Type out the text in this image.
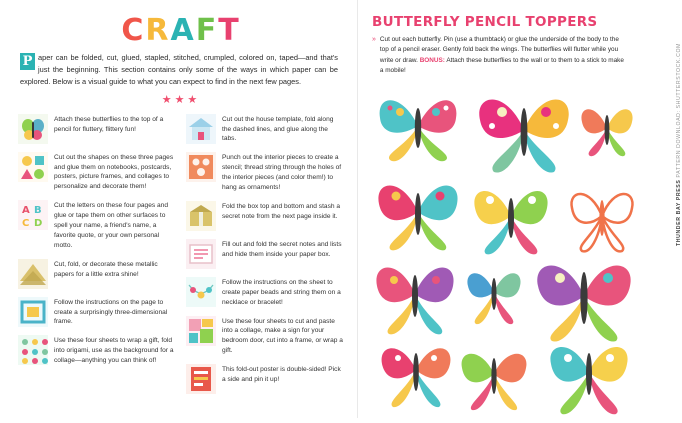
CRAFT
P aper can be folded, cut, glued, stapled, stitched, crumpled, colored on, taped—and that's just the beginning. This section contains only some of the ways in which paper can be explored. Below is a visual guide to what you can expect to find in the next few pages.
★★★
Attach these butterflies to the top of a pencil for fluttery, flittery fun!
Cut out the shapes on these three pages and glue them on notebooks, postcards, posters, picture frames, and collages to personalize and decorate them!
A B
C D
Cut the letters on these four pages and glue or tape them on other surfaces to spell your name, a friend's name, a favorite quote, or your own personal motto.
Cut, fold, or decorate these metallic papers for a little extra shine!
Follow the instructions on the page to create a surprisingly three-dimensional frame.
Use these four sheets to wrap a gift, fold into origami, use as the background for a collage—anything you can think of!
Cut out the house template, fold along the dashed lines, and glue along the tabs.
Punch out the interior pieces to create a stencil; thread string through the holes of the interior pieces (and color them!) to hang as ornaments!
Fold the box top and bottom and stash a secret note from the next page inside it.
Fill out and fold the secret notes and lists and hide them inside your paper box.
Follow the instructions on the sheet to create paper beads and string them on a necklace or bracelet!
Use these four sheets to cut and paste into a collage, make a sign for your bedroom door, cut into a frame, or wrap a gift.
This fold-out poster is double-sided! Pick a side and pin it up!
BUTTERFLY PENCIL TOPPERS
» Cut out each butterfly. Pin (use a thumbtack) or glue the underside of the body to the top of a pencil eraser. Gently fold back the wings. The butterflies will flutter while you write or draw. BONUS: Attach these butterflies to the wall or to them to a stick to make a mobile!
THUNDER BAY PRESS PATTERN DOWNLOAD: SHUTTERSTOCK.COM
